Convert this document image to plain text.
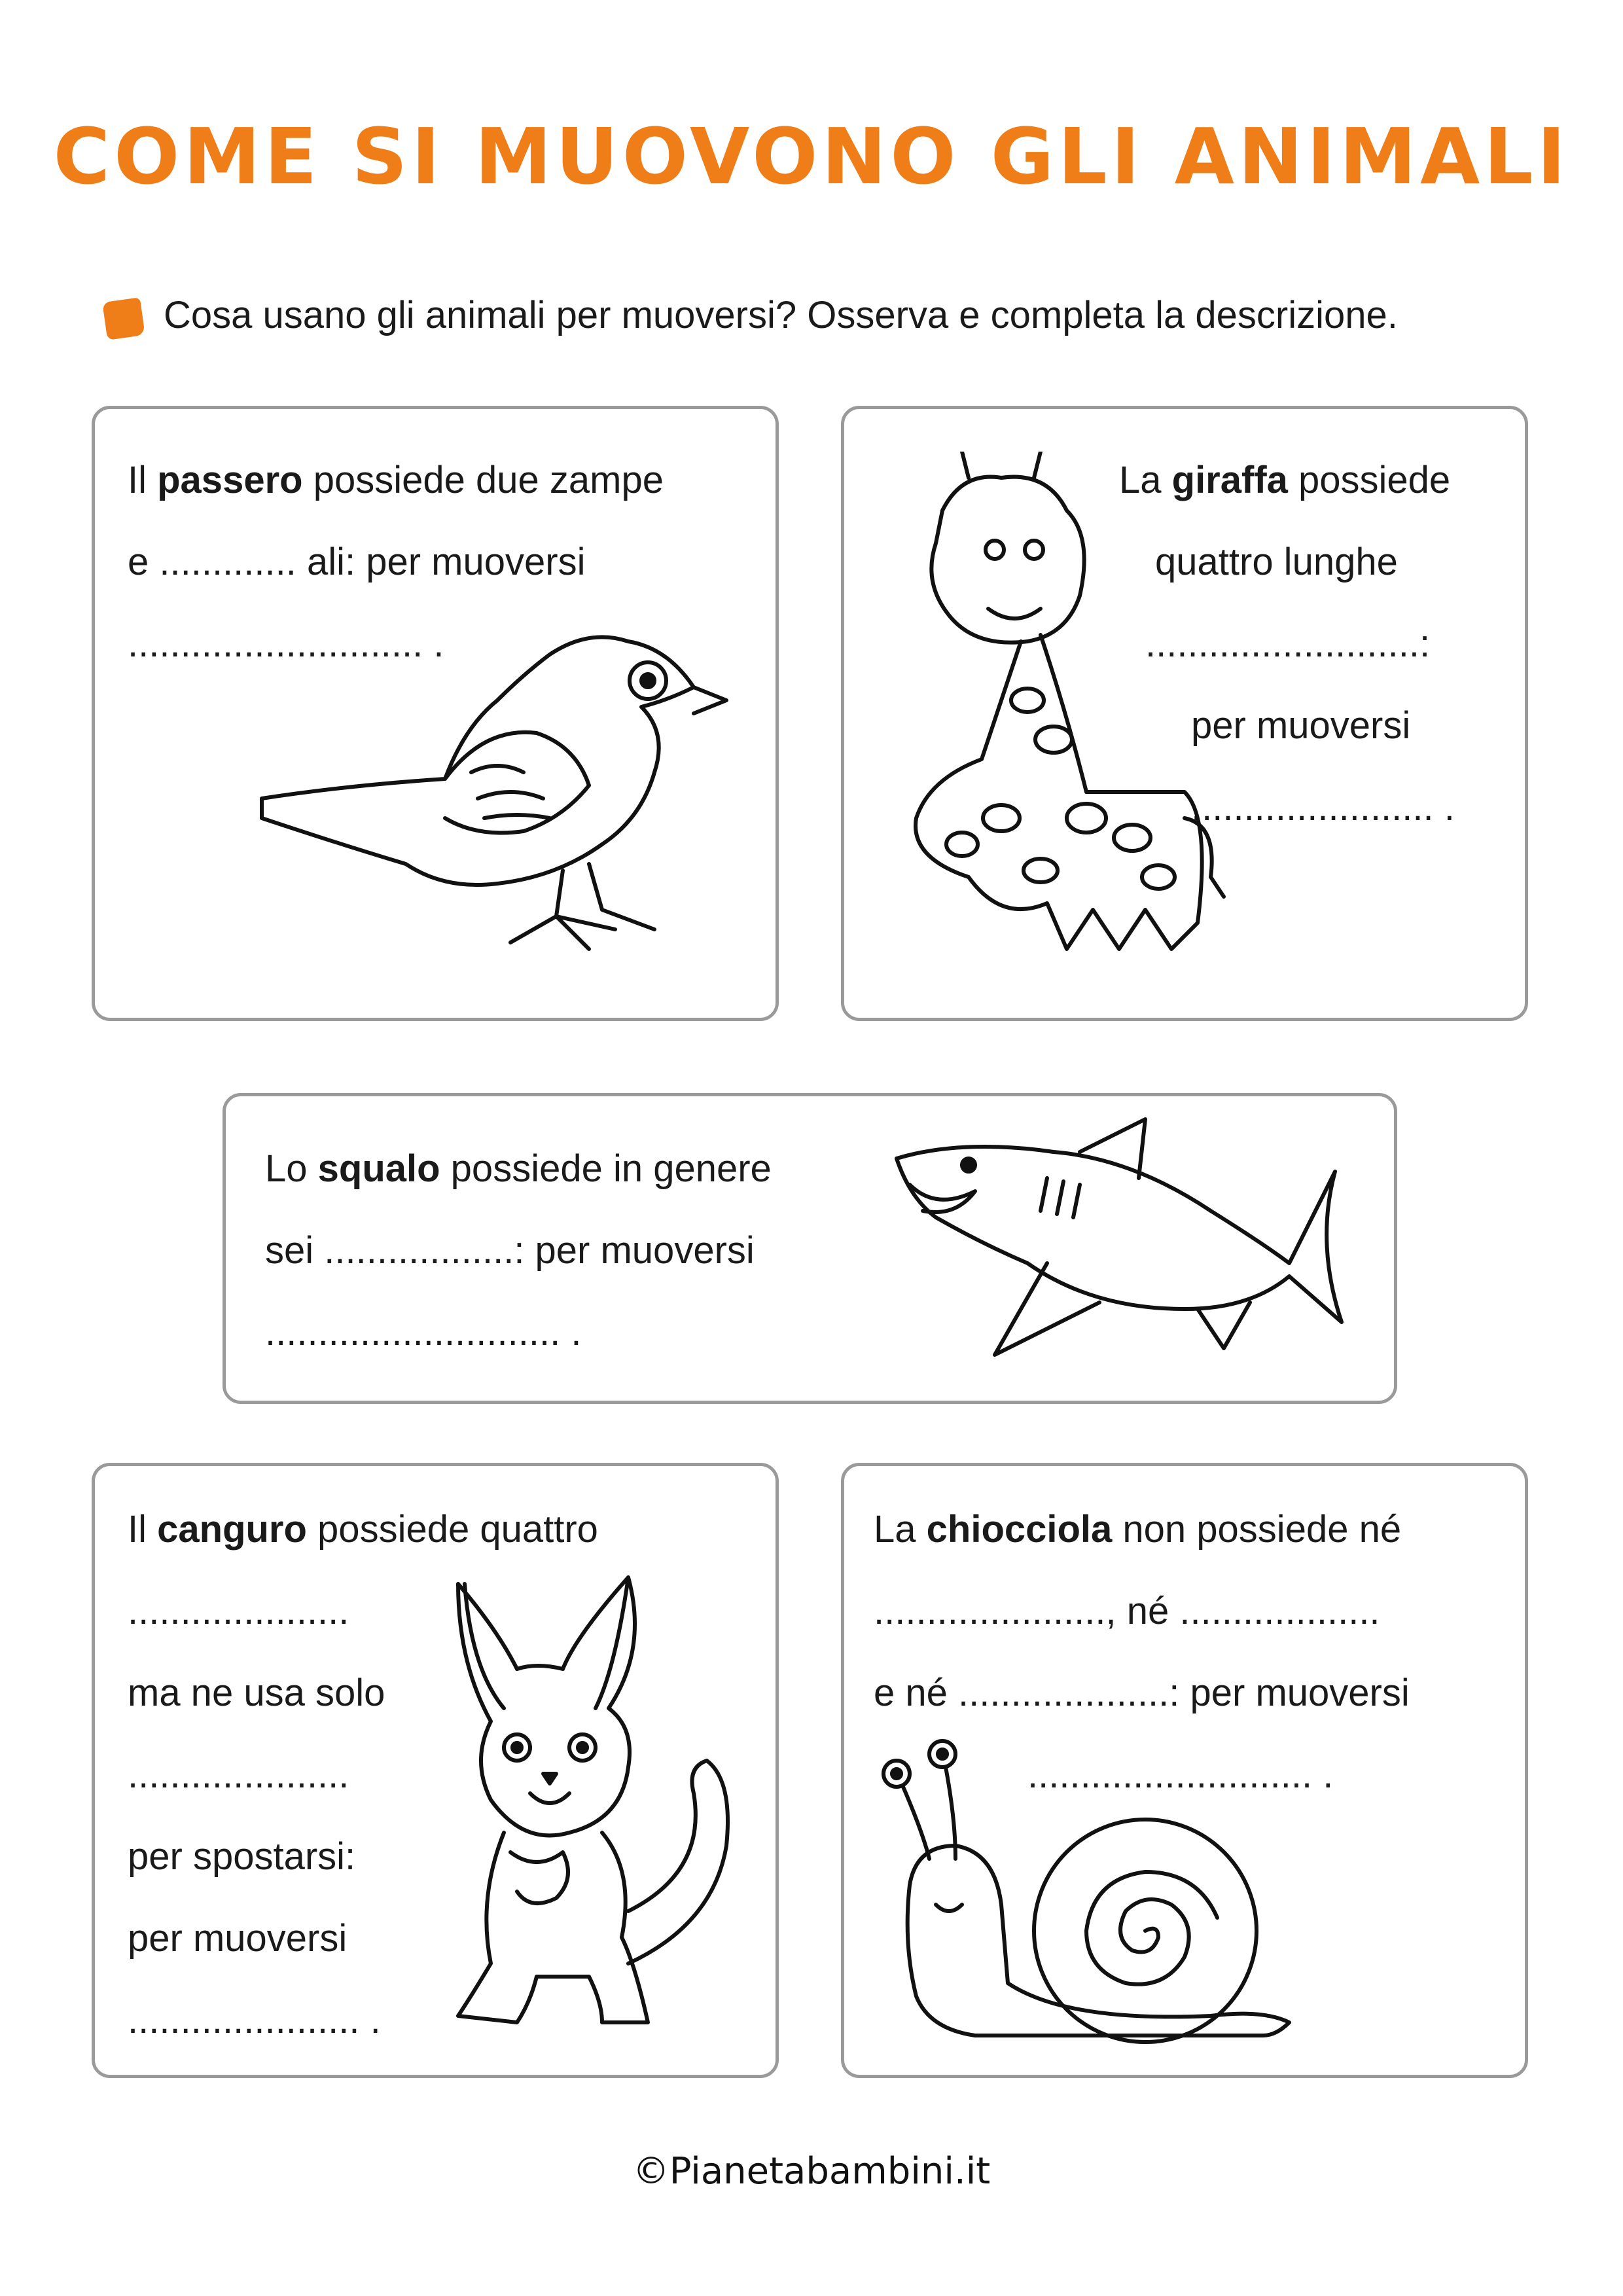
COME SI MUOVONO GLI ANIMALI
Cosa usano gli animali per muoversi? Osserva e completa la descrizione.
Il passero possiede due zampe
e ............. ali: per muoversi
............................ .
La giraffa possiede
quattro lunghe
..........................:
per muoversi
....................... .
Lo squalo possiede in genere
sei ..................: per muoversi
............................ .
Il canguro possiede quattro
.....................
ma ne usa solo
.....................
per spostarsi:
per muoversi
...................... .
La chiocciola non possiede né
......................, né ...................
e né ....................: per muoversi
........................... .
©Pianetabambini.it
